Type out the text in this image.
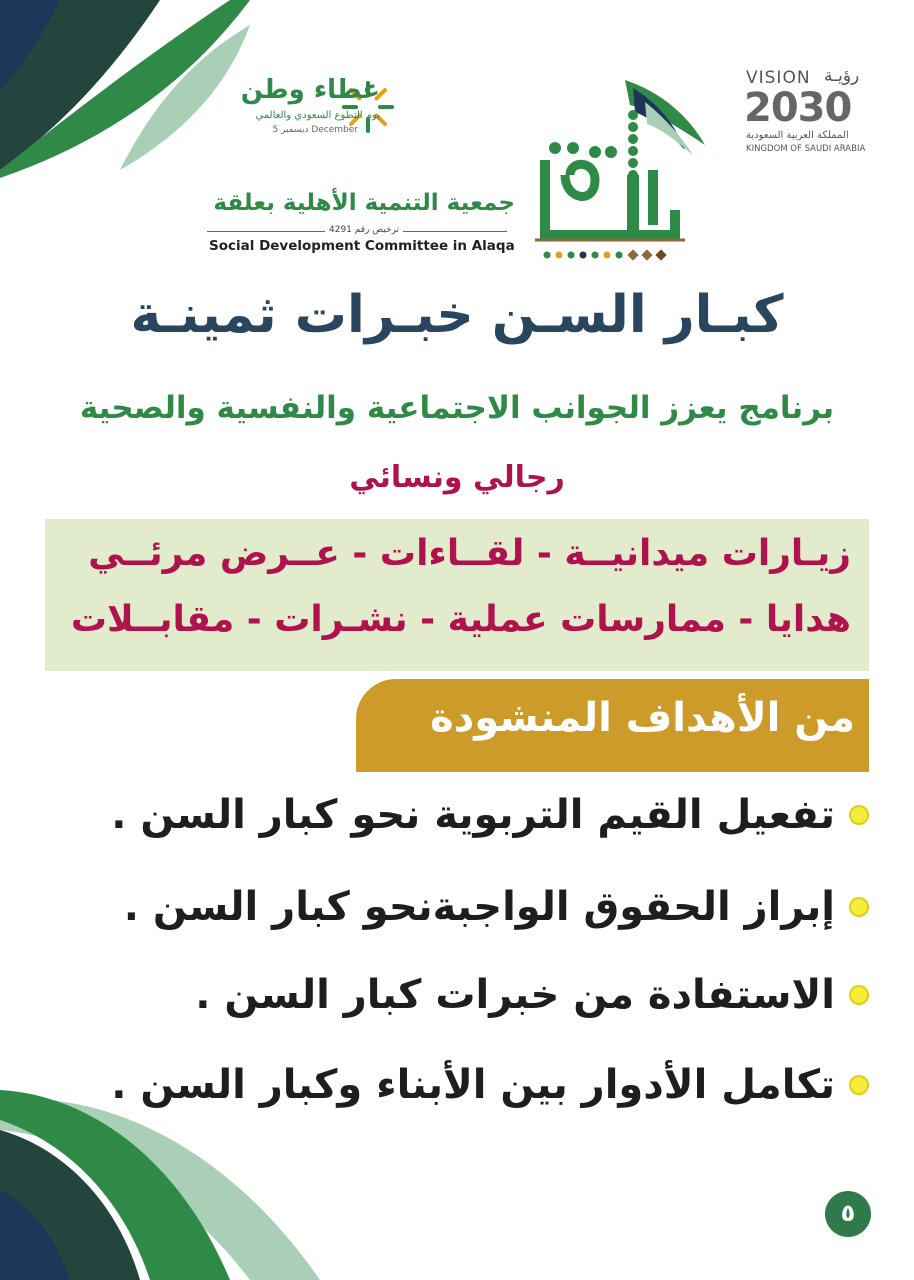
عطاء وطن
يوم التطوع السعودي والعالمي
ديسمبر 5 December
VISION رؤيـة
2030
المملكة العربية السعودية
KINGDOM OF SAUDI ARABIA
جمعية التنمية الأهلية بعلقة
ترخيص رقم 4291
Social Development Committee in Alaqa
كبـار السـن خبـرات ثمينـة
برنامج يعزز الجوانب الاجتماعية والنفسية والصحية
رجالي ونسائي
زيـارات ميدانيــة - لقــاءات - عــرض مرئــي
هدايا - ممارسات عملية - نشـرات - مقابــلات
من الأهداف المنشودة
تفعيل القيم التربوية نحو كبار السن .
إبراز الحقوق الواجبةنحو كبار السن .
الاستفادة من خبرات كبار السن .
تكامل الأدوار بين الأبناء وكبار السن .
٥
